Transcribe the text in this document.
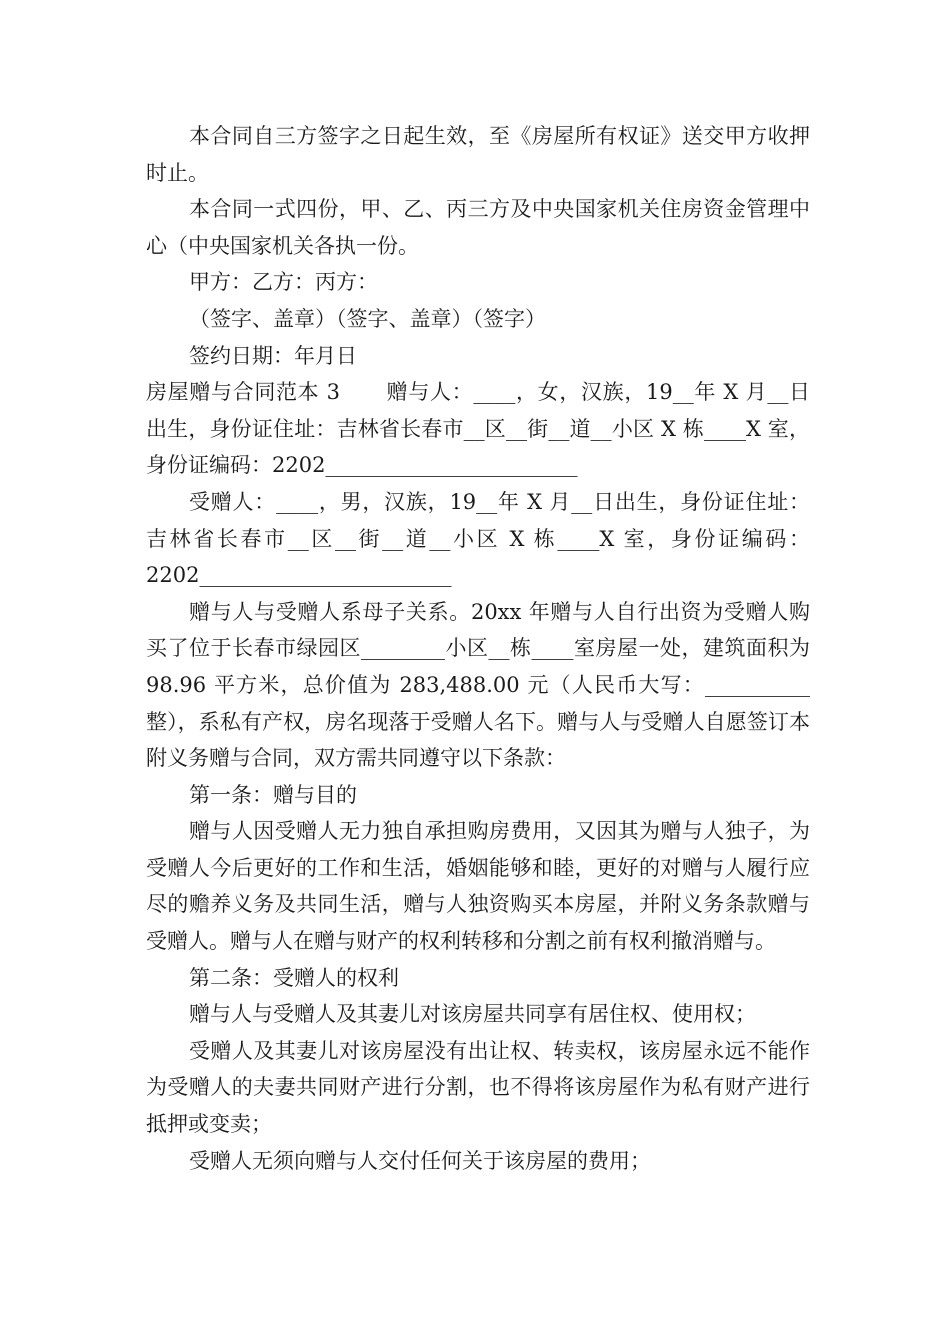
本合同自三方签字之日起生效，至《房屋所有权证》送交甲方收押时止。

本合同一式四份，甲、乙、丙三方及中央国家机关住房资金管理中心（中央国家机关各执一份。

甲方：乙方：丙方：

（签字、盖章）（签字、盖章）（签字）

签约日期：年月日

房屋赠与合同范本 3 赠与人：____，女，汉族，19__年 X 月__日出生，身份证住址：吉林省长春市__区__街__道__小区 X 栋____X 室，身份证编码：2202________________________

受赠人：____，男，汉族，19__年 X 月__日出生，身份证住址：吉林省长春市__区__街__道__小区 X 栋____X 室，身份证编码：2202________________________

赠与人与受赠人系母子关系。20xx 年赠与人自行出资为受赠人购买了位于长春市绿园区________小区__栋____室房屋一处，建筑面积为 98.96 平方米，总价值为 283,488.00 元（人民币大写：__________整），系私有产权，房名现落于受赠人名下。赠与人与受赠人自愿签订本附义务赠与合同，双方需共同遵守以下条款：

第一条：赠与目的

赠与人因受赠人无力独自承担购房费用，又因其为赠与人独子，为受赠人今后更好的工作和生活，婚姻能够和睦，更好的对赠与人履行应尽的赡养义务及共同生活，赠与人独资购买本房屋，并附义务条款赠与受赠人。赠与人在赠与财产的权利转移和分割之前有权利撤消赠与。

第二条：受赠人的权利

赠与人与受赠人及其妻儿对该房屋共同享有居住权、使用权；

受赠人及其妻儿对该房屋没有出让权、转卖权，该房屋永远不能作为受赠人的夫妻共同财产进行分割，也不得将该房屋作为私有财产进行抵押或变卖；

受赠人无须向赠与人交付任何关于该房屋的费用；
